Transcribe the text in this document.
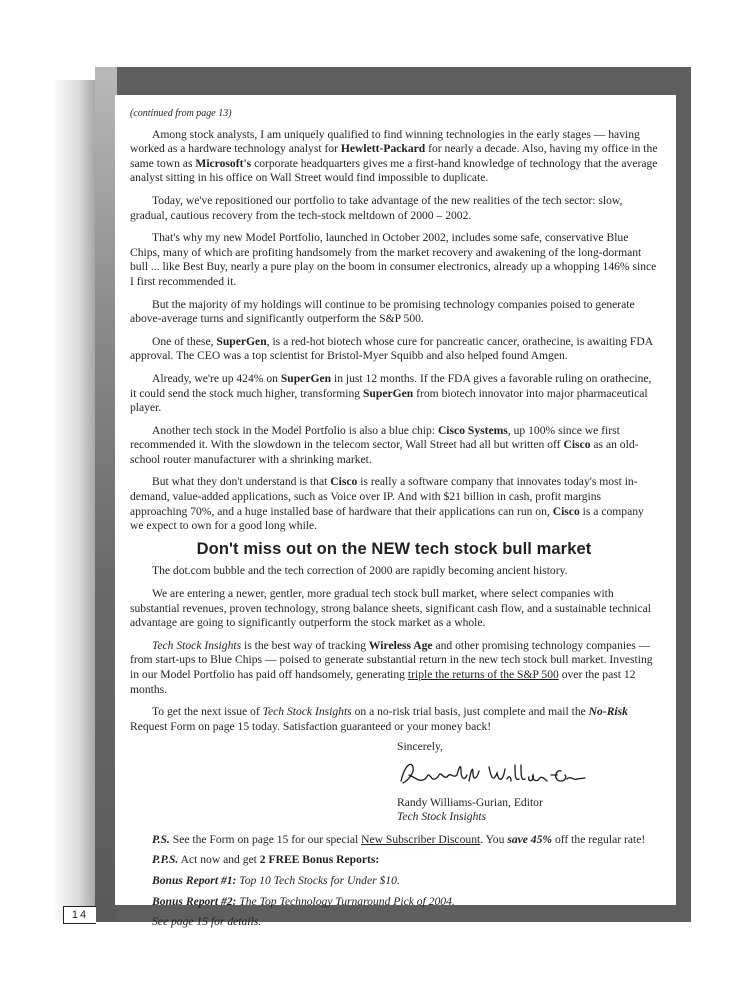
14
(continued from page 13)

Among stock analysts, I am uniquely qualified to find winning technologies in the early stages — having worked as a hardware technology analyst for Hewlett-Packard for nearly a decade. Also, having my office in the same town as Microsoft's corporate headquarters gives me a first-hand knowledge of technology that the average analyst sitting in his office on Wall Street would find impossible to duplicate.

Today, we've repositioned our portfolio to take advantage of the new realities of the tech sector: slow, gradual, cautious recovery from the tech-stock meltdown of 2000 – 2002.

That's why my new Model Portfolio, launched in October 2002, includes some safe, conservative Blue Chips, many of which are profiting handsomely from the market recovery and awakening of the long-dormant bull ... like Best Buy, nearly a pure play on the boom in consumer electronics, already up a whopping 146% since I first recommended it.

But the majority of my holdings will continue to be promising technology companies poised to generate above-average turns and significantly outperform the S&P 500.

One of these, SuperGen, is a red-hot biotech whose cure for pancreatic cancer, orathecine, is awaiting FDA approval. The CEO was a top scientist for Bristol-Myer Squibb and also helped found Amgen.

Already, we're up 424% on SuperGen in just 12 months. If the FDA gives a favorable ruling on orathecine, it could send the stock much higher, transforming SuperGen from biotech innovator into major pharmaceutical player.

Another tech stock in the Model Portfolio is also a blue chip: Cisco Systems, up 100% since we first recommended it. With the slowdown in the telecom sector, Wall Street had all but written off Cisco as an old-school router manufacturer with a shrinking market.

But what they don't understand is that Cisco is really a software company that innovates today's most in-demand, value-added applications, such as Voice over IP. And with $21 billion in cash, profit margins approaching 70%, and a huge installed base of hardware that their applications can run on, Cisco is a company we expect to own for a good long while.

Don't miss out on the NEW tech stock bull market

The dot.com bubble and the tech correction of 2000 are rapidly becoming ancient history.

We are entering a newer, gentler, more gradual tech stock bull market, where select companies with substantial revenues, proven technology, strong balance sheets, significant cash flow, and a sustainable technical advantage are going to significantly outperform the stock market as a whole.

Tech Stock Insights is the best way of tracking Wireless Age and other promising technology companies — from start-ups to Blue Chips — poised to generate substantial return in the new tech stock bull market. Investing in our Model Portfolio has paid off handsomely, generating triple the returns of the S&P 500 over the past 12 months.

To get the next issue of Tech Stock Insights on a no-risk trial basis, just complete and mail the No-Risk Request Form on page 15 today. Satisfaction guaranteed or your money back!

Sincerely,
Randy Williams-Gurian, Editor
Tech Stock Insights
P.S. See the Form on page 15 for our special New Subscriber Discount. You save 45% off the regular rate!
P.P.S. Act now and get 2 FREE Bonus Reports:
Bonus Report #1: Top 10 Tech Stocks for Under $10.
Bonus Report #2: The Top Technology Turnaround Pick of 2004.
See page 15 for details.
